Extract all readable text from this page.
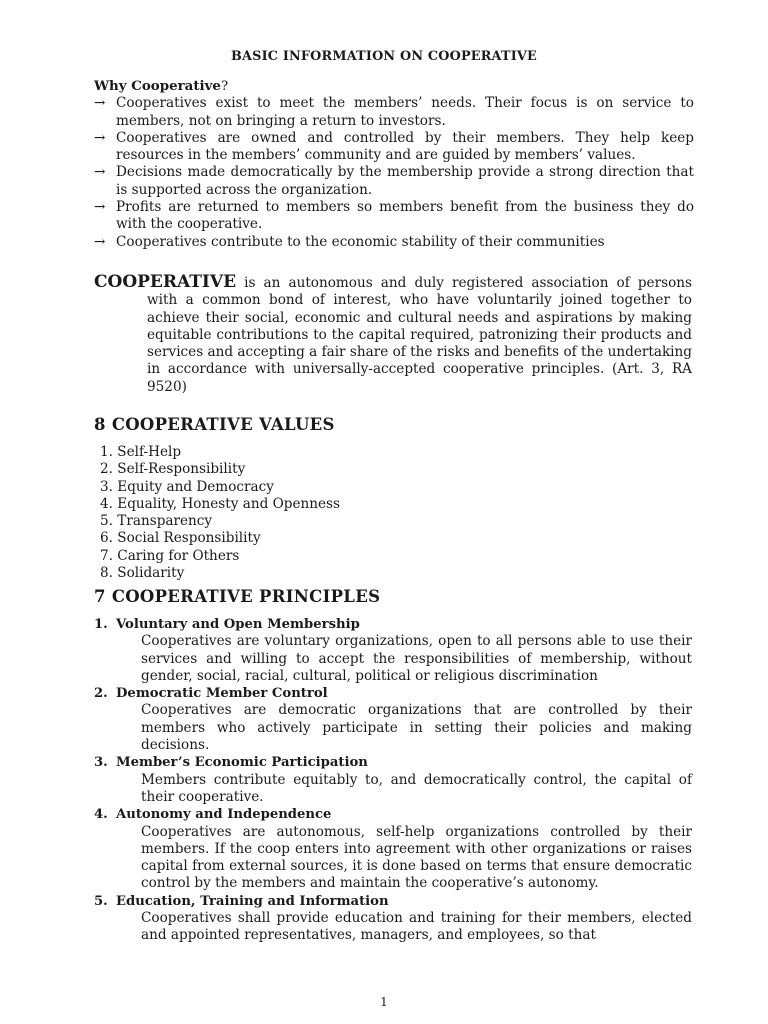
BASIC INFORMATION ON COOPERATIVE
Why Cooperative?
→ Cooperatives exist to meet the members’ needs. Their focus is on service to members, not on bringing a return to investors.
→ Cooperatives are owned and controlled by their members. They help keep resources in the members’ community and are guided by members’ values.
→ Decisions made democratically by the membership provide a strong direction that is supported across the organization.
→ Profits are returned to members so members benefit from the business they do with the cooperative.
→ Cooperatives contribute to the economic stability of their communities

COOPERATIVE is an autonomous and duly registered association of persons with a common bond of interest, who have voluntarily joined together to achieve their social, economic and cultural needs and aspirations by making equitable contributions to the capital required, patronizing their products and services and accepting a fair share of the risks and benefits of the undertaking in accordance with universally-accepted cooperative principles. (Art. 3, RA 9520)

8 COOPERATIVE VALUES
1. Self-Help
2. Self-Responsibility
3. Equity and Democracy
4. Equality, Honesty and Openness
5. Transparency
6. Social Responsibility
7. Caring for Others
8. Solidarity
7 COOPERATIVE PRINCIPLES
1. Voluntary and Open Membership
Cooperatives are voluntary organizations, open to all persons able to use their services and willing to accept the responsibilities of membership, without gender, social, racial, cultural, political or religious discrimination
2. Democratic Member Control
Cooperatives are democratic organizations that are controlled by their members who actively participate in setting their policies and making decisions.
3. Member’s Economic Participation
Members contribute equitably to, and democratically control, the capital of their cooperative.
4. Autonomy and Independence
Cooperatives are autonomous, self-help organizations controlled by their members. If the coop enters into agreement with other organizations or raises capital from external sources, it is done based on terms that ensure democratic control by the members and maintain the cooperative’s autonomy.
5. Education, Training and Information
Cooperatives shall provide education and training for their members, elected and appointed representatives, managers, and employees, so that
1
